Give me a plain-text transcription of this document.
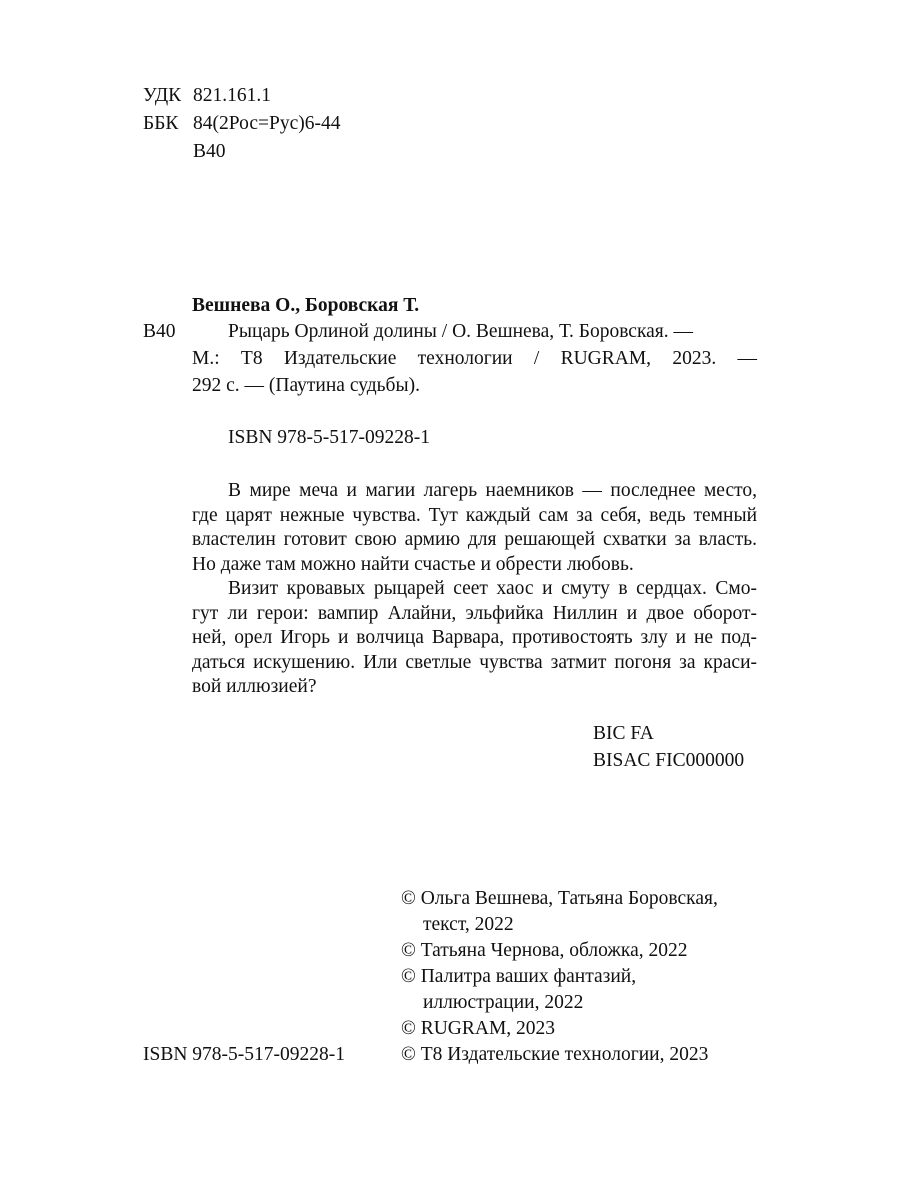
УДК 821.161.1
ББК 84(2Рос=Рус)6-44
В40
Вешнева О., Боровская Т.
В40	Рыцарь Орлиной долины / О. Вешнева, Т. Боровская. —
М.: Т8 Издательские технологии / RUGRAM, 2023. —
292 с. — (Паутина судьбы).
ISBN 978-5-517-09228-1
В мире меча и магии лагерь наемников — последнее место,
где царят нежные чувства. Тут каждый сам за себя, ведь темный
властелин готовит свою армию для решающей схватки за власть.
Но даже там можно найти счастье и обрести любовь.
Визит кровавых рыцарей сеет хаос и смуту в сердцах. Смо-
гут ли герои: вампир Алайни, эльфийка Ниллин и двое оборот-
ней, орел Игорь и волчица Варвара, противостоять злу и не под-
даться искушению. Или светлые чувства затмит погоня за краси-
вой иллюзией?
BIC FA
BISAC FIC000000
© Ольга Вешнева, Татьяна Боровская,
текст, 2022
© Татьяна Чернова, обложка, 2022
© Палитра ваших фантазий,
иллюстрации, 2022
© RUGRAM, 2023
© Т8 Издательские технологии, 2023
ISBN 978-5-517-09228-1
